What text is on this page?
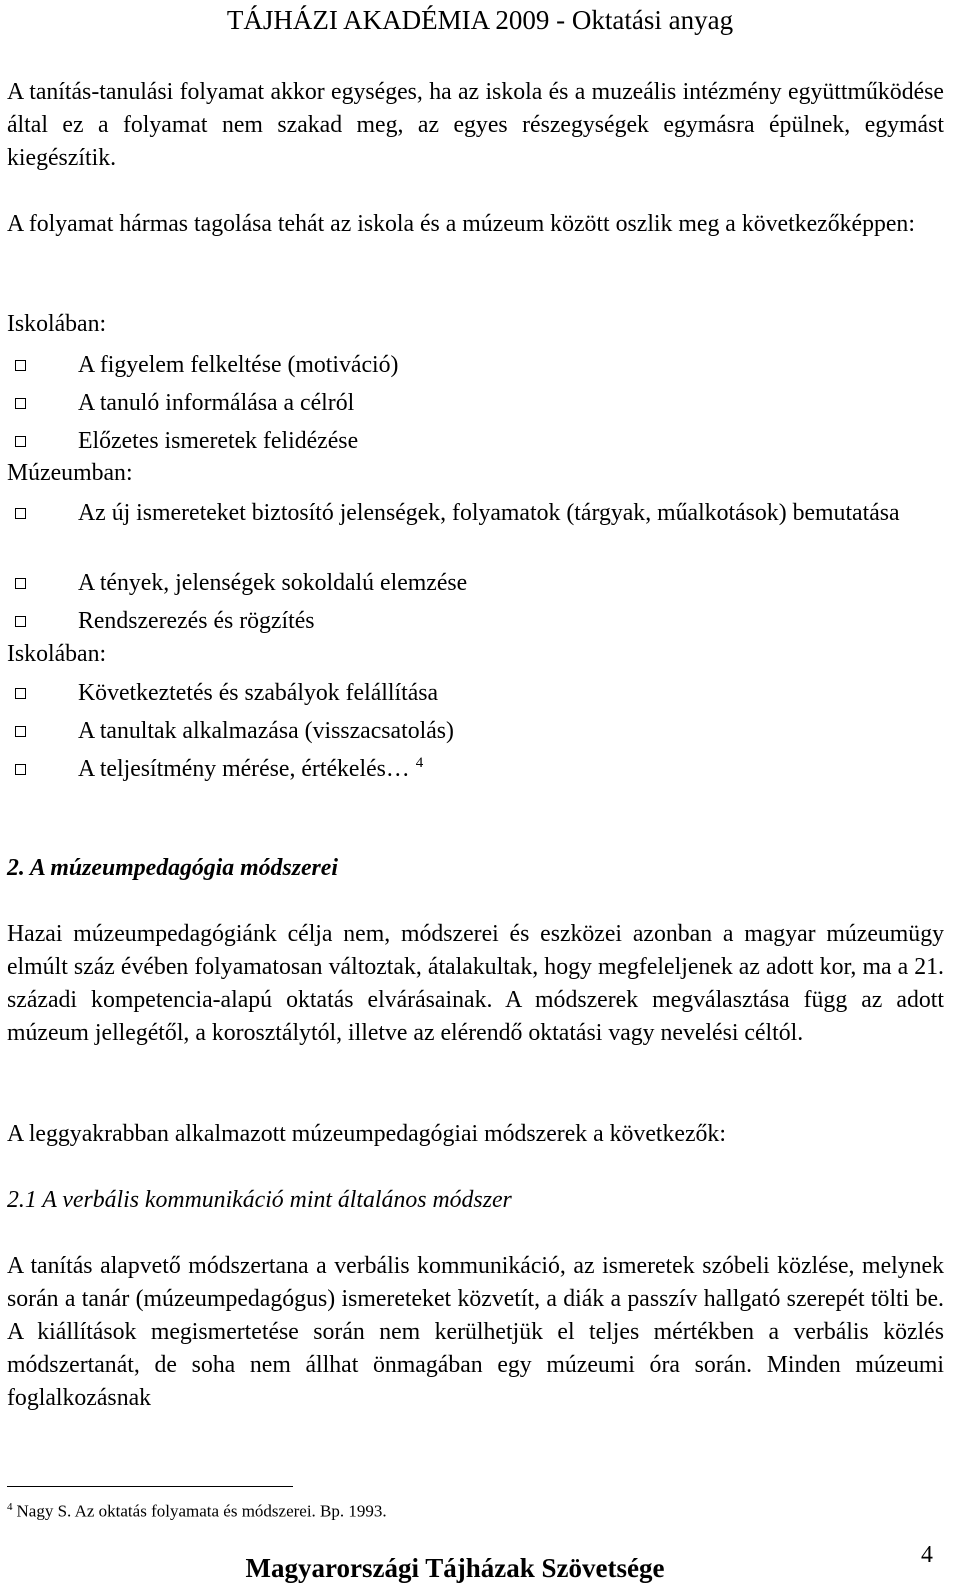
TÁJHÁZI AKADÉMIA 2009 - Oktatási anyag
A tanítás-tanulási folyamat akkor egységes, ha az iskola és a muzeális intézmény együttműködése által ez a folyamat nem szakad meg, az egyes részegységek egymásra épülnek, egymást kiegészítik.
A folyamat hármas tagolása tehát az iskola és a múzeum között oszlik meg a következőképpen:
Iskolában:
A figyelem felkeltése (motiváció)
A tanuló informálása a célról
Előzetes ismeretek felidézése
Múzeumban:
Az új ismereteket biztosító jelenségek, folyamatok (tárgyak, műalkotások) bemutatása
A tények, jelenségek sokoldalú elemzése
Rendszerezés és rögzítés
Iskolában:
Következtetés és szabályok felállítása
A tanultak alkalmazása (visszacsatolás)
A teljesítmény mérése, értékelés… $^4$
2. A múzeumpedagógia módszerei
Hazai múzeumpedagógiánk célja nem, módszerei és eszközei azonban a magyar múzeumügy elmúlt száz évében folyamatosan változtak, átalakultak, hogy megfeleljenek az adott kor, ma a 21. századi kompetencia-alapú oktatás elvárásainak. A módszerek megválasztása függ az adott múzeum jellegétől, a korosztálytól, illetve az elérendő oktatási vagy nevelési céltól.
A leggyakrabban alkalmazott múzeumpedagógiai módszerek a következők:
2.1 A verbális kommunikáció mint általános módszer
A tanítás alapvető módszertana a verbális kommunikáció, az ismeretek szóbeli közlése, melynek során a tanár (múzeumpedagógus) ismereteket közvetít, a diák a passzív hallgató szerepét tölti be. A kiállítások megismertetése során nem kerülhetjük el teljes mértékben a verbális közlés módszertanát, de soha nem állhat önmagában egy múzeumi óra során. Minden múzeumi foglalkozásnak
$^4$ Nagy S. Az oktatás folyamata és módszerei. Bp. 1993.
Magyarországi Tájházak Szövetsége	4
